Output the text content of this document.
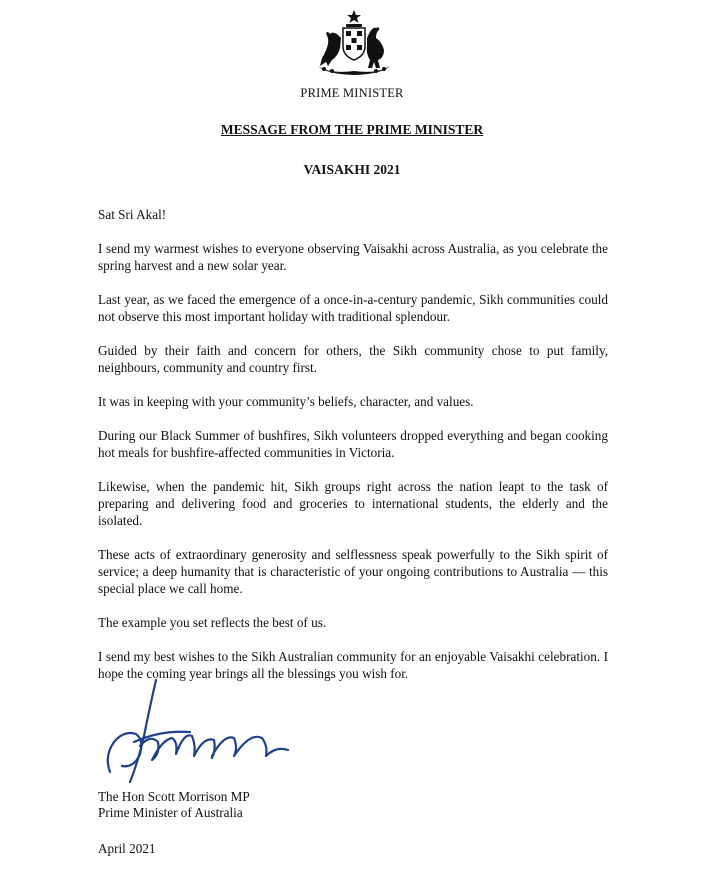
PRIME MINISTER
MESSAGE FROM THE PRIME MINISTER
VAISAKHI 2021

Sat Sri Akal!

I send my warmest wishes to everyone observing Vaisakhi across Australia, as you celebrate the spring harvest and a new solar year.

Last year, as we faced the emergence of a once-in-a-century pandemic, Sikh communities could not observe this most important holiday with traditional splendour.

Guided by their faith and concern for others, the Sikh community chose to put family, neighbours, community and country first.

It was in keeping with your community’s beliefs, character, and values.

During our Black Summer of bushfires, Sikh volunteers dropped everything and began cooking hot meals for bushfire-affected communities in Victoria.

Likewise, when the pandemic hit, Sikh groups right across the nation leapt to the task of preparing and delivering food and groceries to international students, the elderly and the isolated.

These acts of extraordinary generosity and selflessness speak powerfully to the Sikh spirit of service; a deep humanity that is characteristic of your ongoing contributions to Australia — this special place we call home.

The example you set reflects the best of us.

I send my best wishes to the Sikh Australian community for an enjoyable Vaisakhi celebration. I hope the coming year brings all the blessings you wish for.

The Hon Scott Morrison MP
Prime Minister of Australia
April 2021
